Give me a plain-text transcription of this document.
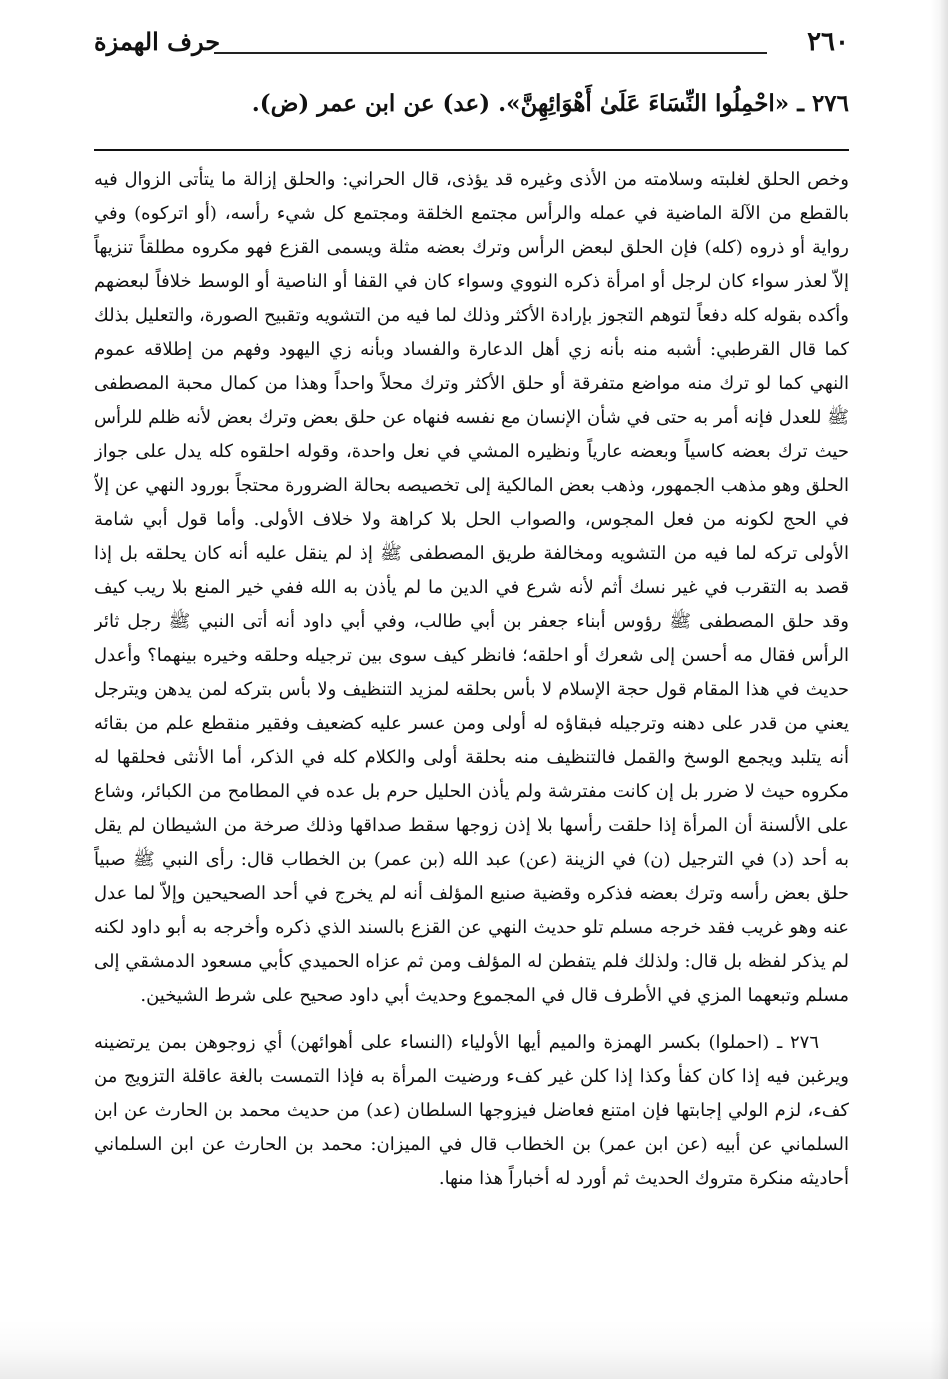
٢٦٠
حرف الهمزة
٢٧٦ ـ «احْمِلُوا النِّسَاءَ عَلَىٰ أَهْوَائِهِنَّ». (عد) عن ابن عمر (ض).

وخص الحلق لغلبته وسلامته من الأذى وغيره قد يؤذى، قال الحراني: والحلق إزالة ما يتأتى الزوال فيه بالقطع من الآلة الماضية في عمله والرأس مجتمع الخلقة ومجتمع كل شيء رأسه، (أو اتركوه) وفي رواية أو ذروه (كله) فإن الحلق لبعض الرأس وترك بعضه مثلة ويسمى القزع فهو مكروه مطلقاً تنزيهاً إلاّ لعذر سواء كان لرجل أو امرأة ذكره النووي وسواء كان في القفا أو الناصية أو الوسط خلافاً لبعضهم وأكده بقوله كله دفعاً لتوهم التجوز بإرادة الأكثر وذلك لما فيه من التشويه وتقبيح الصورة، والتعليل بذلك كما قال القرطبي: أشبه منه بأنه زي أهل الدعارة والفساد وبأنه زي اليهود وفهم من إطلاقه عموم النهي كما لو ترك منه مواضع متفرقة أو حلق الأكثر وترك محلاً واحداً وهذا من كمال محبة المصطفى ﷺ للعدل فإنه أمر به حتى في شأن الإنسان مع نفسه فنهاه عن حلق بعض وترك بعض لأنه ظلم للرأس حيث ترك بعضه كاسياً وبعضه عارياً ونظيره المشي في نعل واحدة، وقوله احلقوه كله يدل على جواز الحلق وهو مذهب الجمهور، وذهب بعض المالكية إلى تخصيصه بحالة الضرورة محتجاً بورود النهي عن إلاّ في الحج لكونه من فعل المجوس، والصواب الحل بلا كراهة ولا خلاف الأولى. وأما قول أبي شامة الأولى تركه لما فيه من التشويه ومخالفة طريق المصطفى ﷺ إذ لم ينقل عليه أنه كان يحلقه بل إذا قصد به التقرب في غير نسك أثم لأنه شرع في الدين ما لم يأذن به الله ففي خير المنع بلا ريب كيف وقد حلق المصطفى ﷺ رؤوس أبناء جعفر بن أبي طالب، وفي أبي داود أنه أتى النبي ﷺ رجل ثائر الرأس فقال مه أحسن إلى شعرك أو احلقه؛ فانظر كيف سوى بين ترجيله وحلقه وخيره بينهما؟ وأعدل حديث في هذا المقام قول حجة الإسلام لا بأس بحلقه لمزيد التنظيف ولا بأس بتركه لمن يدهن ويترجل يعني من قدر على دهنه وترجيله فبقاؤه له أولى ومن عسر عليه كضعيف وفقير منقطع علم من بقائه أنه يتلبد ويجمع الوسخ والقمل فالتنظيف منه بحلقة أولى والكلام كله في الذكر، أما الأنثى فحلقها له مكروه حيث لا ضرر بل إن كانت مفترشة ولم يأذن الحليل حرم بل عده في المطامح من الكبائر، وشاع على الألسنة أن المرأة إذا حلقت رأسها بلا إذن زوجها سقط صداقها وذلك صرخة من الشيطان لم يقل به أحد (د) في الترجيل (ن) في الزينة (عن) عبد الله (بن عمر) بن الخطاب قال: رأى النبي ﷺ صبياً حلق بعض رأسه وترك بعضه فذكره وقضية صنيع المؤلف أنه لم يخرج في أحد الصحيحين وإلاّ لما عدل عنه وهو غريب فقد خرجه مسلم تلو حديث النهي عن القزع بالسند الذي ذكره وأخرجه به أبو داود لكنه لم يذكر لفظه بل قال: ولذلك فلم يتفطن له المؤلف ومن ثم عزاه الحميدي كأبي مسعود الدمشقي إلى مسلم وتبعهما المزي في الأطرف قال في المجموع وحديث أبي داود صحيح على شرط الشيخين.

٢٧٦ ـ (احملوا) بكسر الهمزة والميم أيها الأولياء (النساء على أهوائهن) أي زوجوهن بمن يرتضينه ويرغبن فيه إذا كان كفأ وكذا إذا كلن غير كفء ورضيت المرأة به فإذا التمست بالغة عاقلة التزويج من كفء، لزم الولي إجابتها فإن امتنع فعاضل فيزوجها السلطان (عد) من حديث محمد بن الحارث عن ابن السلماني عن أبيه (عن ابن عمر) بن الخطاب قال في الميزان: محمد بن الحارث عن ابن السلماني أحاديثه منكرة متروك الحديث ثم أورد له أخباراً هذا منها.
